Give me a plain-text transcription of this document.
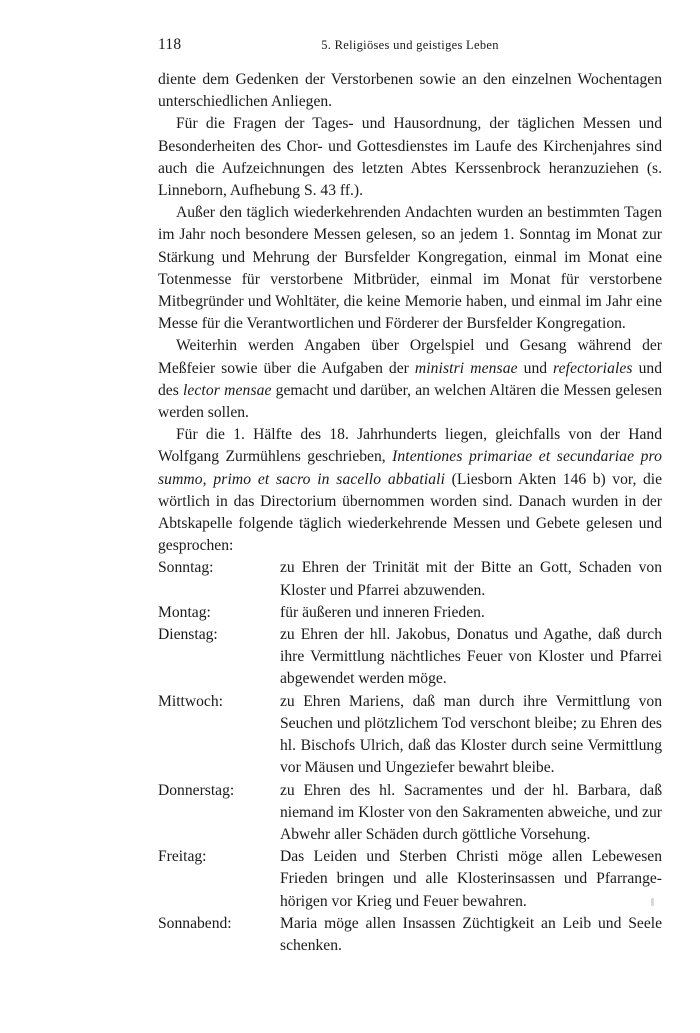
118	5. Religiöses und geistiges Leben

diente dem Gedenken der Verstorbenen sowie an den einzelnen Wochentagen unterschiedlichen Anliegen.

Für die Fragen der Tages- und Hausordnung, der täglichen Messen und Besonderheiten des Chor- und Gottesdienstes im Laufe des Kirchenjahres sind auch die Aufzeichnungen des letzten Abtes Kerssenbrock heranzuziehen (s. Linneborn, Aufhebung S. 43 ff.).

Außer den täglich wiederkehrenden Andachten wurden an bestimmten Tagen im Jahr noch besondere Messen gelesen, so an jedem 1. Sonntag im Monat zur Stärkung und Mehrung der Bursfelder Kongregation, einmal im Monat eine Totenmesse für verstorbene Mitbrüder, einmal im Monat für verstorbene Mitbegründer und Wohltäter, die keine Memorie haben, und einmal im Jahr eine Messe für die Verantwortlichen und Förderer der Bursfelder Kongregation.

Weiterhin werden Angaben über Orgelspiel und Gesang während der Meßfeier sowie über die Aufgaben der ministri mensae und refectoriales und des lector mensae gemacht und darüber, an welchen Altären die Messen gelesen werden sollen.

Für die 1. Hälfte des 18. Jahrhunderts liegen, gleichfalls von der Hand Wolfgang Zurmühlens geschrieben, Intentiones primariae et secundariae pro summo, primo et sacro in sacello abbatiali (Liesborn Akten 146 b) vor, die wörtlich in das Directorium übernommen worden sind. Danach wurden in der Abtskapelle folgende täglich wiederkehrende Messen und Gebete gelesen und gesprochen:

Sonntag:	zu Ehren der Trinität mit der Bitte an Gott, Schaden von Kloster und Pfarrei abzuwenden.
Montag:	für äußeren und inneren Frieden.
Dienstag:	zu Ehren der hll. Jakobus, Donatus und Agathe, daß durch ihre Vermittlung nächtliches Feuer von Kloster und Pfarrei abgewendet werden möge.
Mittwoch:	zu Ehren Mariens, daß man durch ihre Vermittlung von Seuchen und plötzlichem Tod verschont bleibe; zu Ehren des hl. Bischofs Ulrich, daß das Kloster durch seine Vermittlung vor Mäusen und Ungeziefer bewahrt bleibe.
Donnerstag:	zu Ehren des hl. Sacramentes und der hl. Barbara, daß niemand im Kloster von den Sakramenten abweiche, und zur Abwehr aller Schäden durch göttliche Vorsehung.
Freitag:	Das Leiden und Sterben Christi möge allen Lebewesen Frieden bringen und alle Klosterinsassen und Pfarrangehörigen vor Krieg und Feuer bewahren.
Sonnabend:	Maria möge allen Insassen Züchtigkeit an Leib und Seele schenken.
